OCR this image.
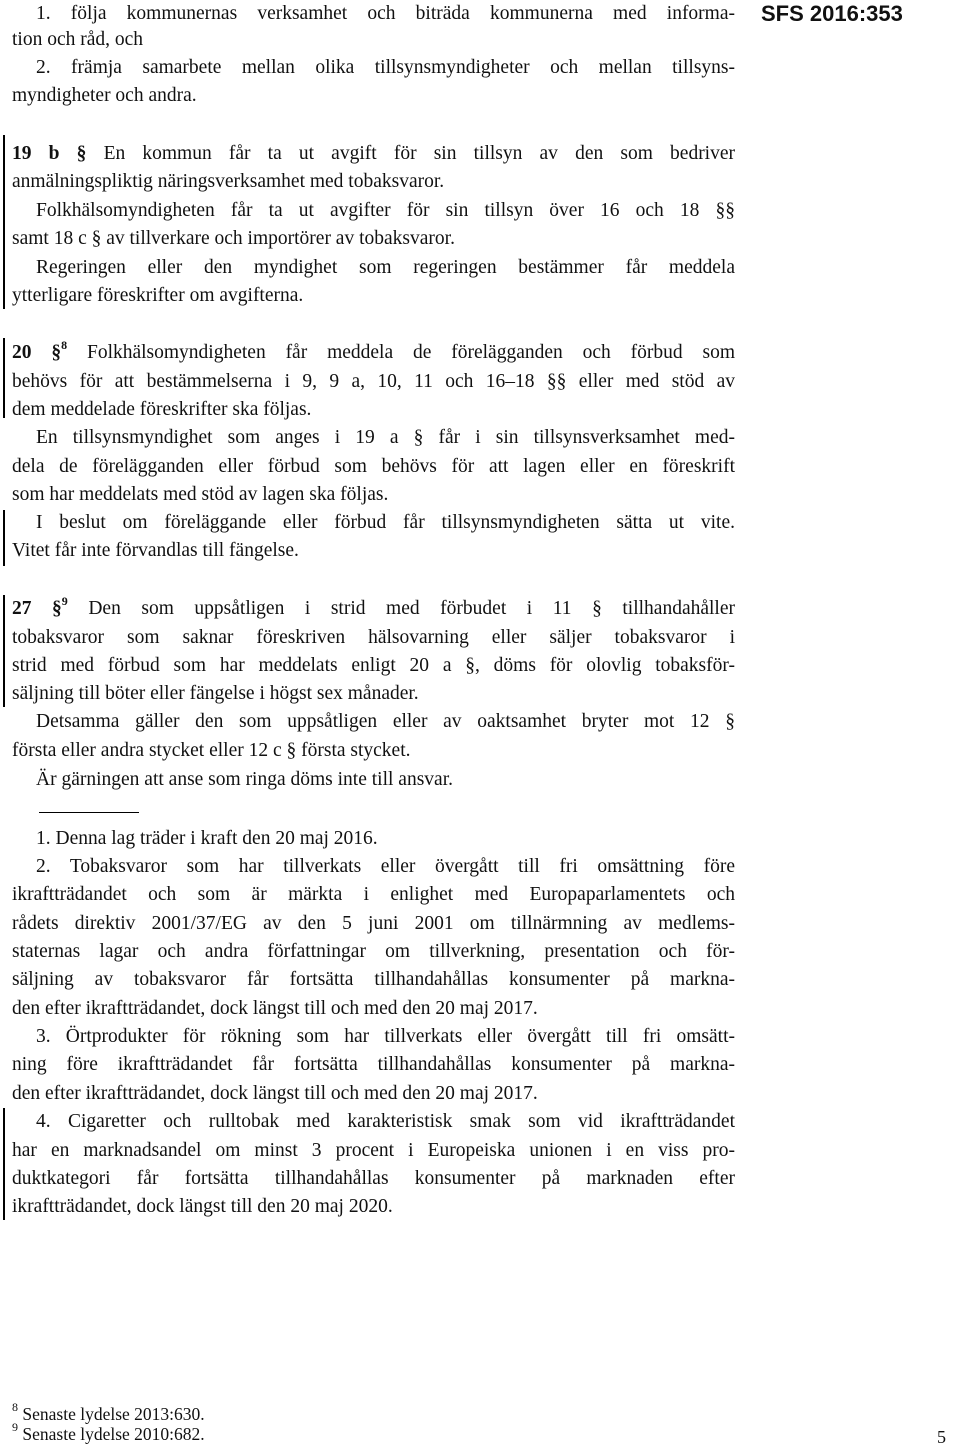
SFS 2016:353
1. följa kommunernas verksamhet och biträda kommunerna med informa-
tion och råd, och
2. främja samarbete mellan olika tillsynsmyndigheter och mellan tillsyns-
myndigheter och andra.
19 b § En kommun får ta ut avgift för sin tillsyn av den som bedriver
anmälningspliktig näringsverksamhet med tobaksvaror.
Folkhälsomyndigheten får ta ut avgifter för sin tillsyn över 16 och 18 §§
samt 18 c § av tillverkare och importörer av tobaksvaror.
Regeringen eller den myndighet som regeringen bestämmer får meddela
ytterligare föreskrifter om avgifterna.
20 §$^8$ Folkhälsomyndigheten får meddela de förelägganden och förbud som
behövs för att bestämmelserna i 9, 9 a, 10, 11 och 16–18 §§ eller med stöd av
dem meddelade föreskrifter ska följas.
En tillsynsmyndighet som anges i 19 a § får i sin tillsynsverksamhet med-
dela de förelägganden eller förbud som behövs för att lagen eller en föreskrift
som har meddelats med stöd av lagen ska följas.
I beslut om föreläggande eller förbud får tillsynsmyndigheten sätta ut vite.
Vitet får inte förvandlas till fängelse.
27 §$^9$ Den som uppsåtligen i strid med förbudet i 11 § tillhandahåller
tobaksvaror som saknar föreskriven hälsovarning eller säljer tobaksvaror i
strid med förbud som har meddelats enligt 20 a §, döms för olovlig tobaksför-
säljning till böter eller fängelse i högst sex månader.
Detsamma gäller den som uppsåtligen eller av oaktsamhet bryter mot 12 §
första eller andra stycket eller 12 c § första stycket.
Är gärningen att anse som ringa döms inte till ansvar.
1. Denna lag träder i kraft den 20 maj 2016.
2. Tobaksvaror som har tillverkats eller övergått till fri omsättning före
ikraftträdandet och som är märkta i enlighet med Europaparlamentets och
rådets direktiv 2001/37/EG av den 5 juni 2001 om tillnärmning av medlems-
staternas lagar och andra författningar om tillverkning, presentation och för-
säljning av tobaksvaror får fortsätta tillhandahållas konsumenter på markna-
den efter ikraftträdandet, dock längst till och med den 20 maj 2017.
3. Örtprodukter för rökning som har tillverkats eller övergått till fri omsätt-
ning före ikraftträdandet får fortsätta tillhandahållas konsumenter på markna-
den efter ikraftträdandet, dock längst till och med den 20 maj 2017.
4. Cigaretter och rulltobak med karakteristisk smak som vid ikraftträdandet
har en marknadsandel om minst 3 procent i Europeiska unionen i en viss pro-
duktkategori får fortsätta tillhandahållas konsumenter på marknaden efter
ikraftträdandet, dock längst till den 20 maj 2020.
$^8$ Senaste lydelse 2013:630.
$^9$ Senaste lydelse 2010:682.	5
